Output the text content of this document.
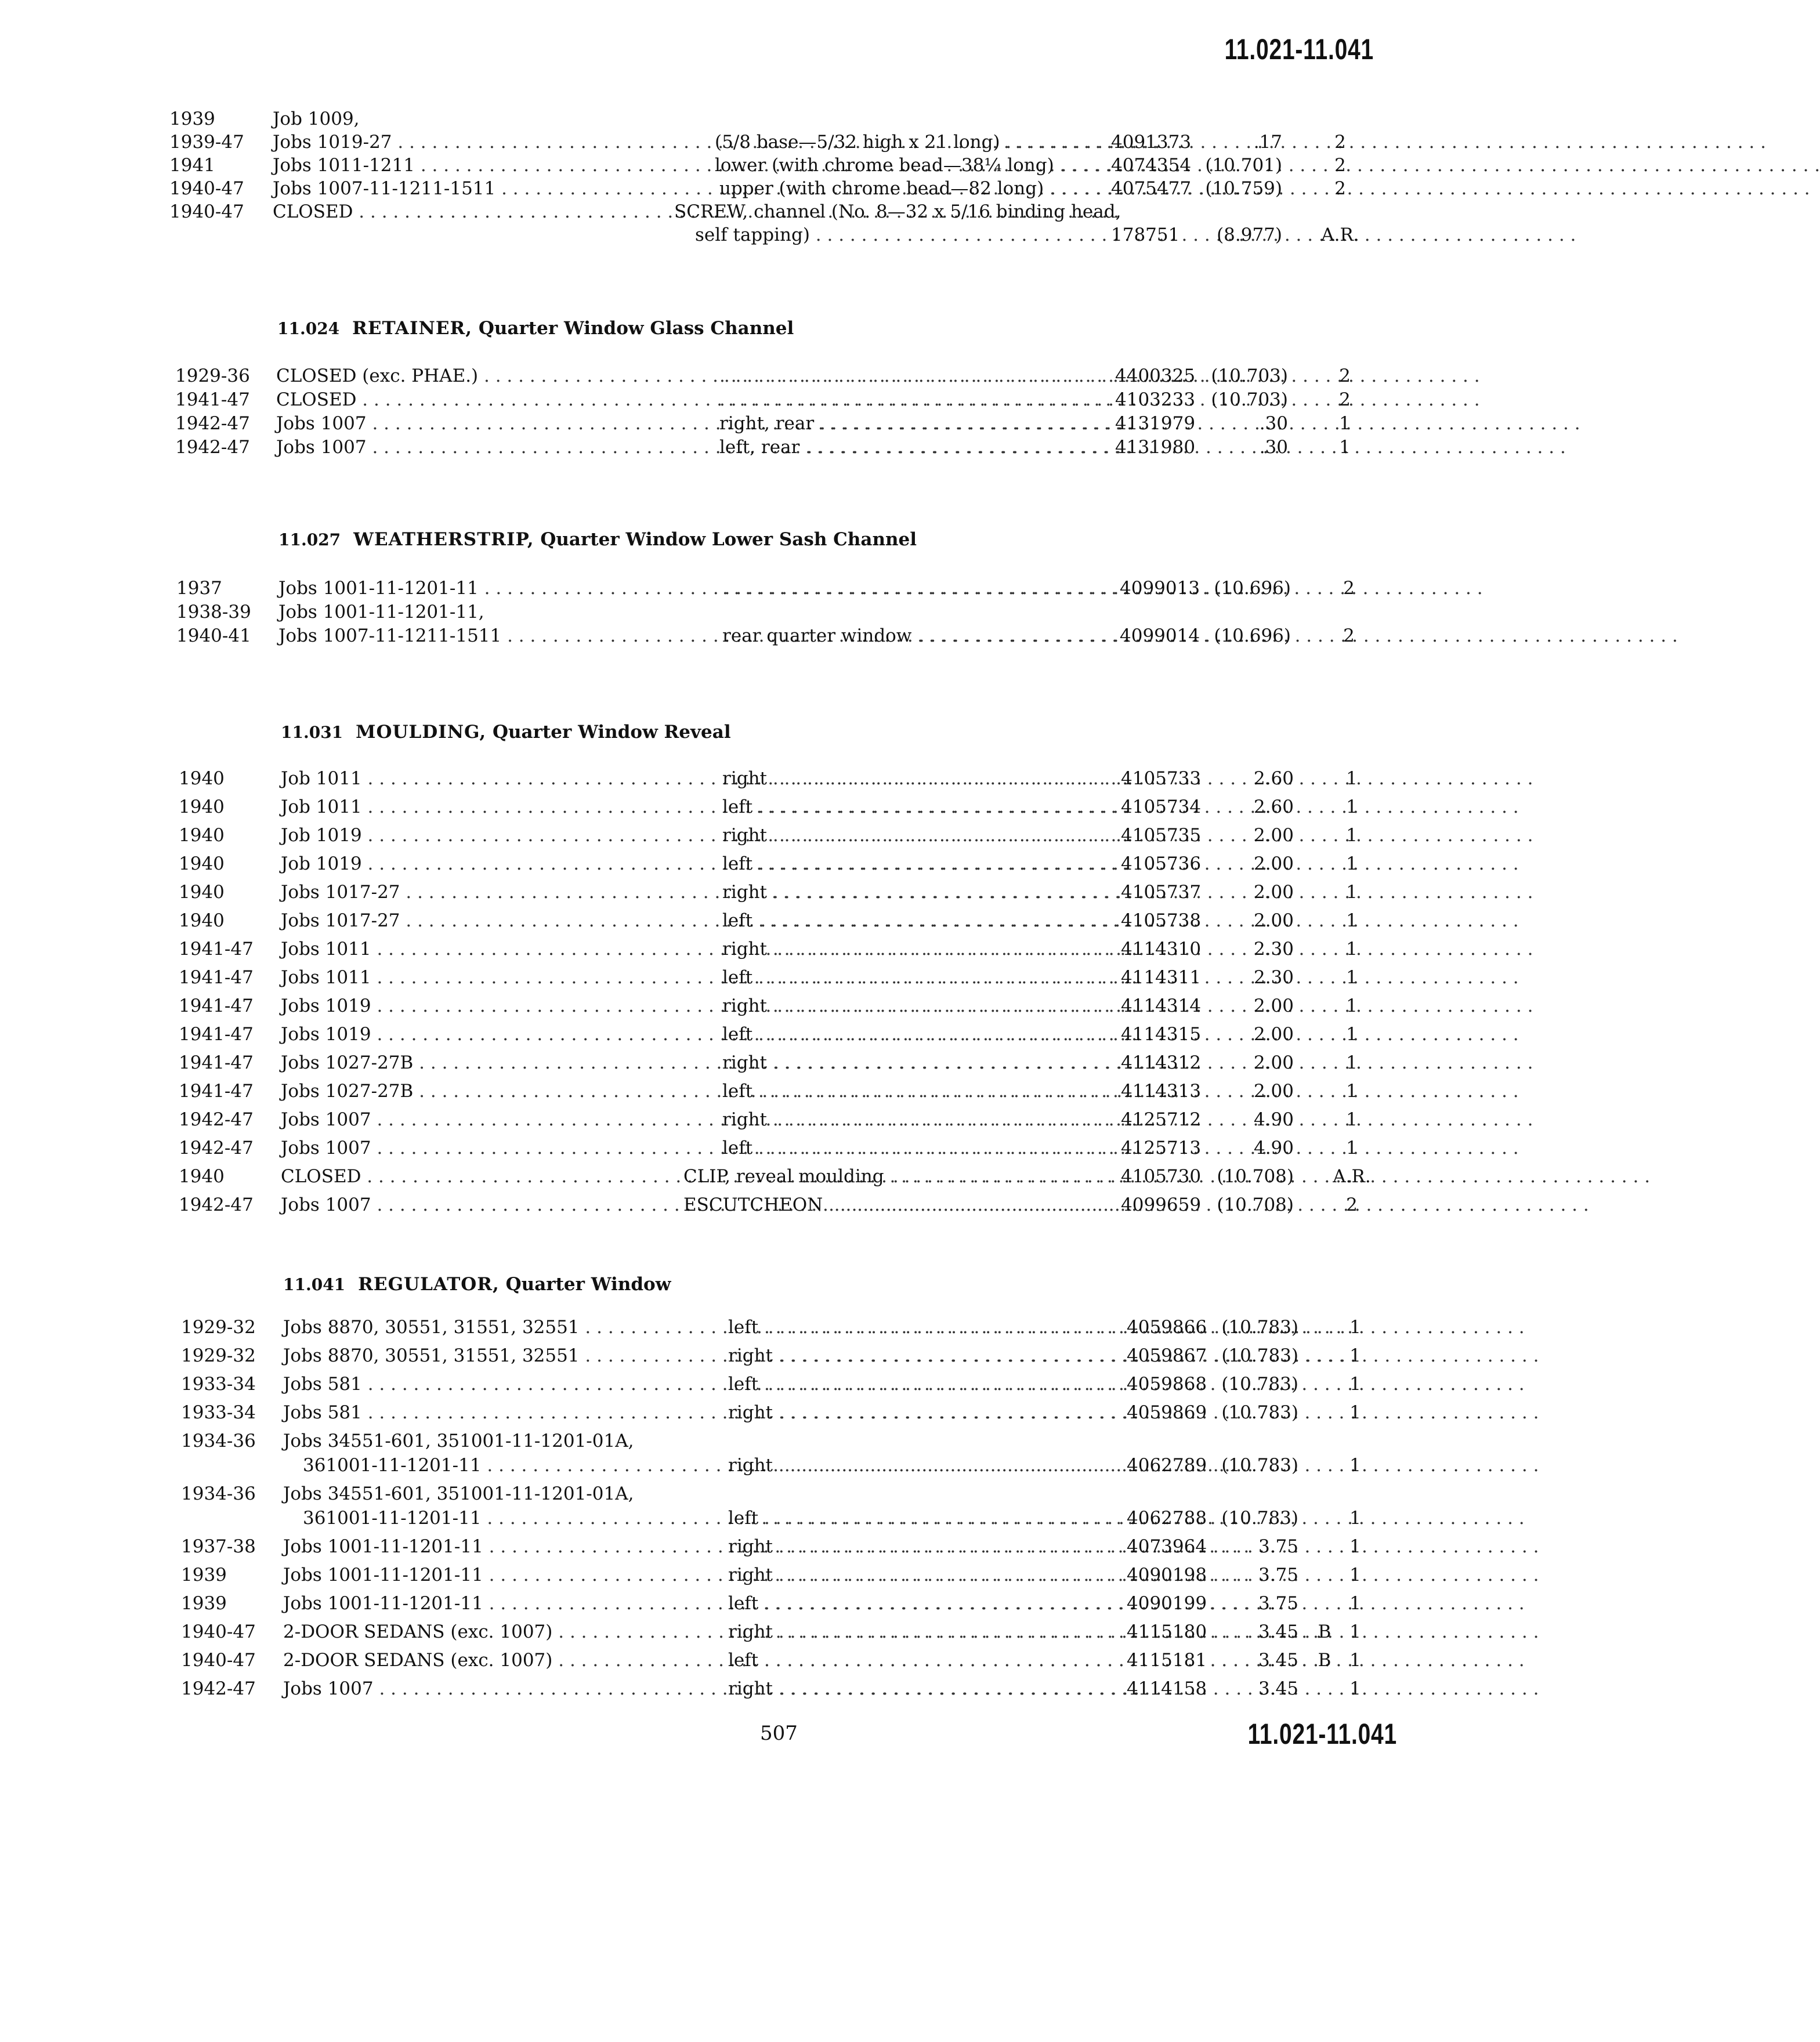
11.021-11.041
1939	Job 1009,
1939-47	Jobs 1019-27 . . .	(5/8 base—5/32 high x 21 long) . . .	4091373	.17	2
1941	Jobs 1011-1211 . . .	lower (with chrome bead—38¼ long) . . .	4074354 (10.701)	2
1940-47	Jobs 1007-11-1211-1511 . . .	upper (with chrome bead—82 long) . . .	4075477 (10.759)	2
1940-47	CLOSED . . .	SCREW, channel (No. 8—32 x 5/16 binding head,
self tapping) . . .	178751	(8.977) A.R.
11.024 RETAINER, Quarter Window Glass Channel
1929-36	CLOSED (exc. PHAE.) . . . . . .	4400325 (10.703)	2
1941-47	CLOSED . . . . . .	4103233 (10.703)	2
1942-47	Jobs 1007 . . .	right, rear . . .	4131979	.30	1
1942-47	Jobs 1007 . . .	left, rear . . .	4131980	.30	1
11.027 WEATHERSTRIP, Quarter Window Lower Sash Channel
1937	Jobs 1001-11-1201-11 . . . . . .	4099013 (10.696)	2
1938-39	Jobs 1001-11-1201-11,
1940-41	Jobs 1007-11-1211-1511 . . .	rear quarter window . . .	4099014 (10.696)	2
11.031 MOULDING, Quarter Window Reveal
1940	Job 1011 . . .	right . . .	4105733	2.60	1
1940	Job 1011 . . .	left . . .	4105734	2.60	1
1940	Job 1019 . . .	right . . .	4105735	2.00	1
1940	Job 1019 . . .	left . . .	4105736	2.00	1
1940	Jobs 1017-27 . . .	right . . .	4105737	2.00	1
1940	Jobs 1017-27 . . .	left . . .	4105738	2.00	1
1941-47	Jobs 1011 . . .	right . . .	4114310	2.30	1
1941-47	Jobs 1011 . . .	left . . .	4114311	2.30	1
1941-47	Jobs 1019 . . .	right . . .	4114314	2.00	1
1941-47	Jobs 1019 . . .	left . . .	4114315	2.00	1
1941-47	Jobs 1027-27B . . .	right . . .	4114312	2.00	1
1941-47	Jobs 1027-27B . . .	left . . .	4114313	2.00	1
1942-47	Jobs 1007 . . .	right . . .	4125712	4.90	1
1942-47	Jobs 1007 . . .	left . . .	4125713	4.90	1
1940	CLOSED . . .	CLIP, reveal moulding . . .	4105730 (10.708) A.R.
1942-47	Jobs 1007 . . .	ESCUTCHEON . . .	4099659 (10.708)	2
11.041 REGULATOR, Quarter Window
1929-32	Jobs 8870, 30551, 31551, 32551 . . .	left . . .	4059866 (10.783)	1
1929-32	Jobs 8870, 30551, 31551, 32551 . . .	right . . .	4059867 (10.783)	1
1933-34	Jobs 581 . . .	left . . .	4059868 (10.783)	1
1933-34	Jobs 581 . . .	right . . .	4059869 (10.783)	1
1934-36	Jobs 34551-601, 351001-11-1201-01A,
361001-11-1201-11 . . .	right . . .	4062789 (10.783)	1
1934-36	Jobs 34551-601, 351001-11-1201-01A,
361001-11-1201-11 . . .	left . . .	4062788 (10.783)	1
1937-38	Jobs 1001-11-1201-11 . . .	right . . .	4073964	3.75	1
1939	Jobs 1001-11-1201-11 . . .	right . . .	4090198	3.75	1
1939	Jobs 1001-11-1201-11 . . .	left . . .	4090199	3.75	1
1940-47	2-DOOR SEDANS (exc. 1007) . . .	right . . .	4115180	3.45 B	1
1940-47	2-DOOR SEDANS (exc. 1007) . . .	left . . .	4115181	3.45 B	1
1942-47	Jobs 1007 . . .	right . . .	4114158	3.45	1
507	11.021-11.041
